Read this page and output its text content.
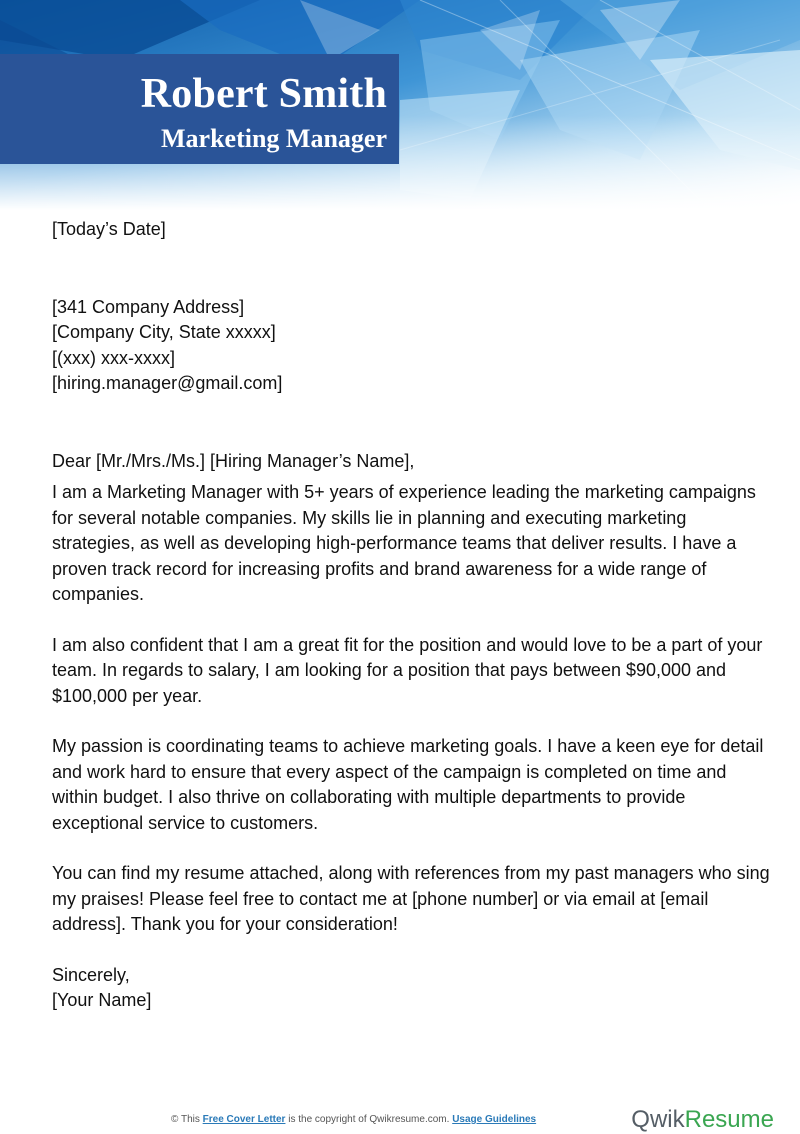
Robert Smith
Marketing Manager

[Today’s Date]

[341 Company Address]

[Company City, State xxxxx]

[(xxx) xxx-xxxx]

[hiring.manager@gmail.com]

Dear [Mr./Mrs./Ms.] [Hiring Manager’s Name],

I am a Marketing Manager with 5+ years of experience leading the marketing campaigns for several notable companies. My skills lie in planning and executing marketing strategies, as well as developing high-performance teams that deliver results. I have a proven track record for increasing profits and brand awareness for a wide range of companies.

I am also confident that I am a great fit for the position and would love to be a part of your team. In regards to salary, I am looking for a position that pays between $90,000 and $100,000 per year.

My passion is coordinating teams to achieve marketing goals. I have a keen eye for detail and work hard to ensure that every aspect of the campaign is completed on time and within budget. I also thrive on collaborating with multiple departments to provide exceptional service to customers.

You can find my resume attached, along with references from my past managers who sing my praises! Please feel free to contact me at [phone number] or via email at [email address]. Thank you for your consideration!

Sincerely,

[Your Name]

© This Free Cover Letter is the copyright of Qwikresume.com. Usage Guidelines	QwikResume
